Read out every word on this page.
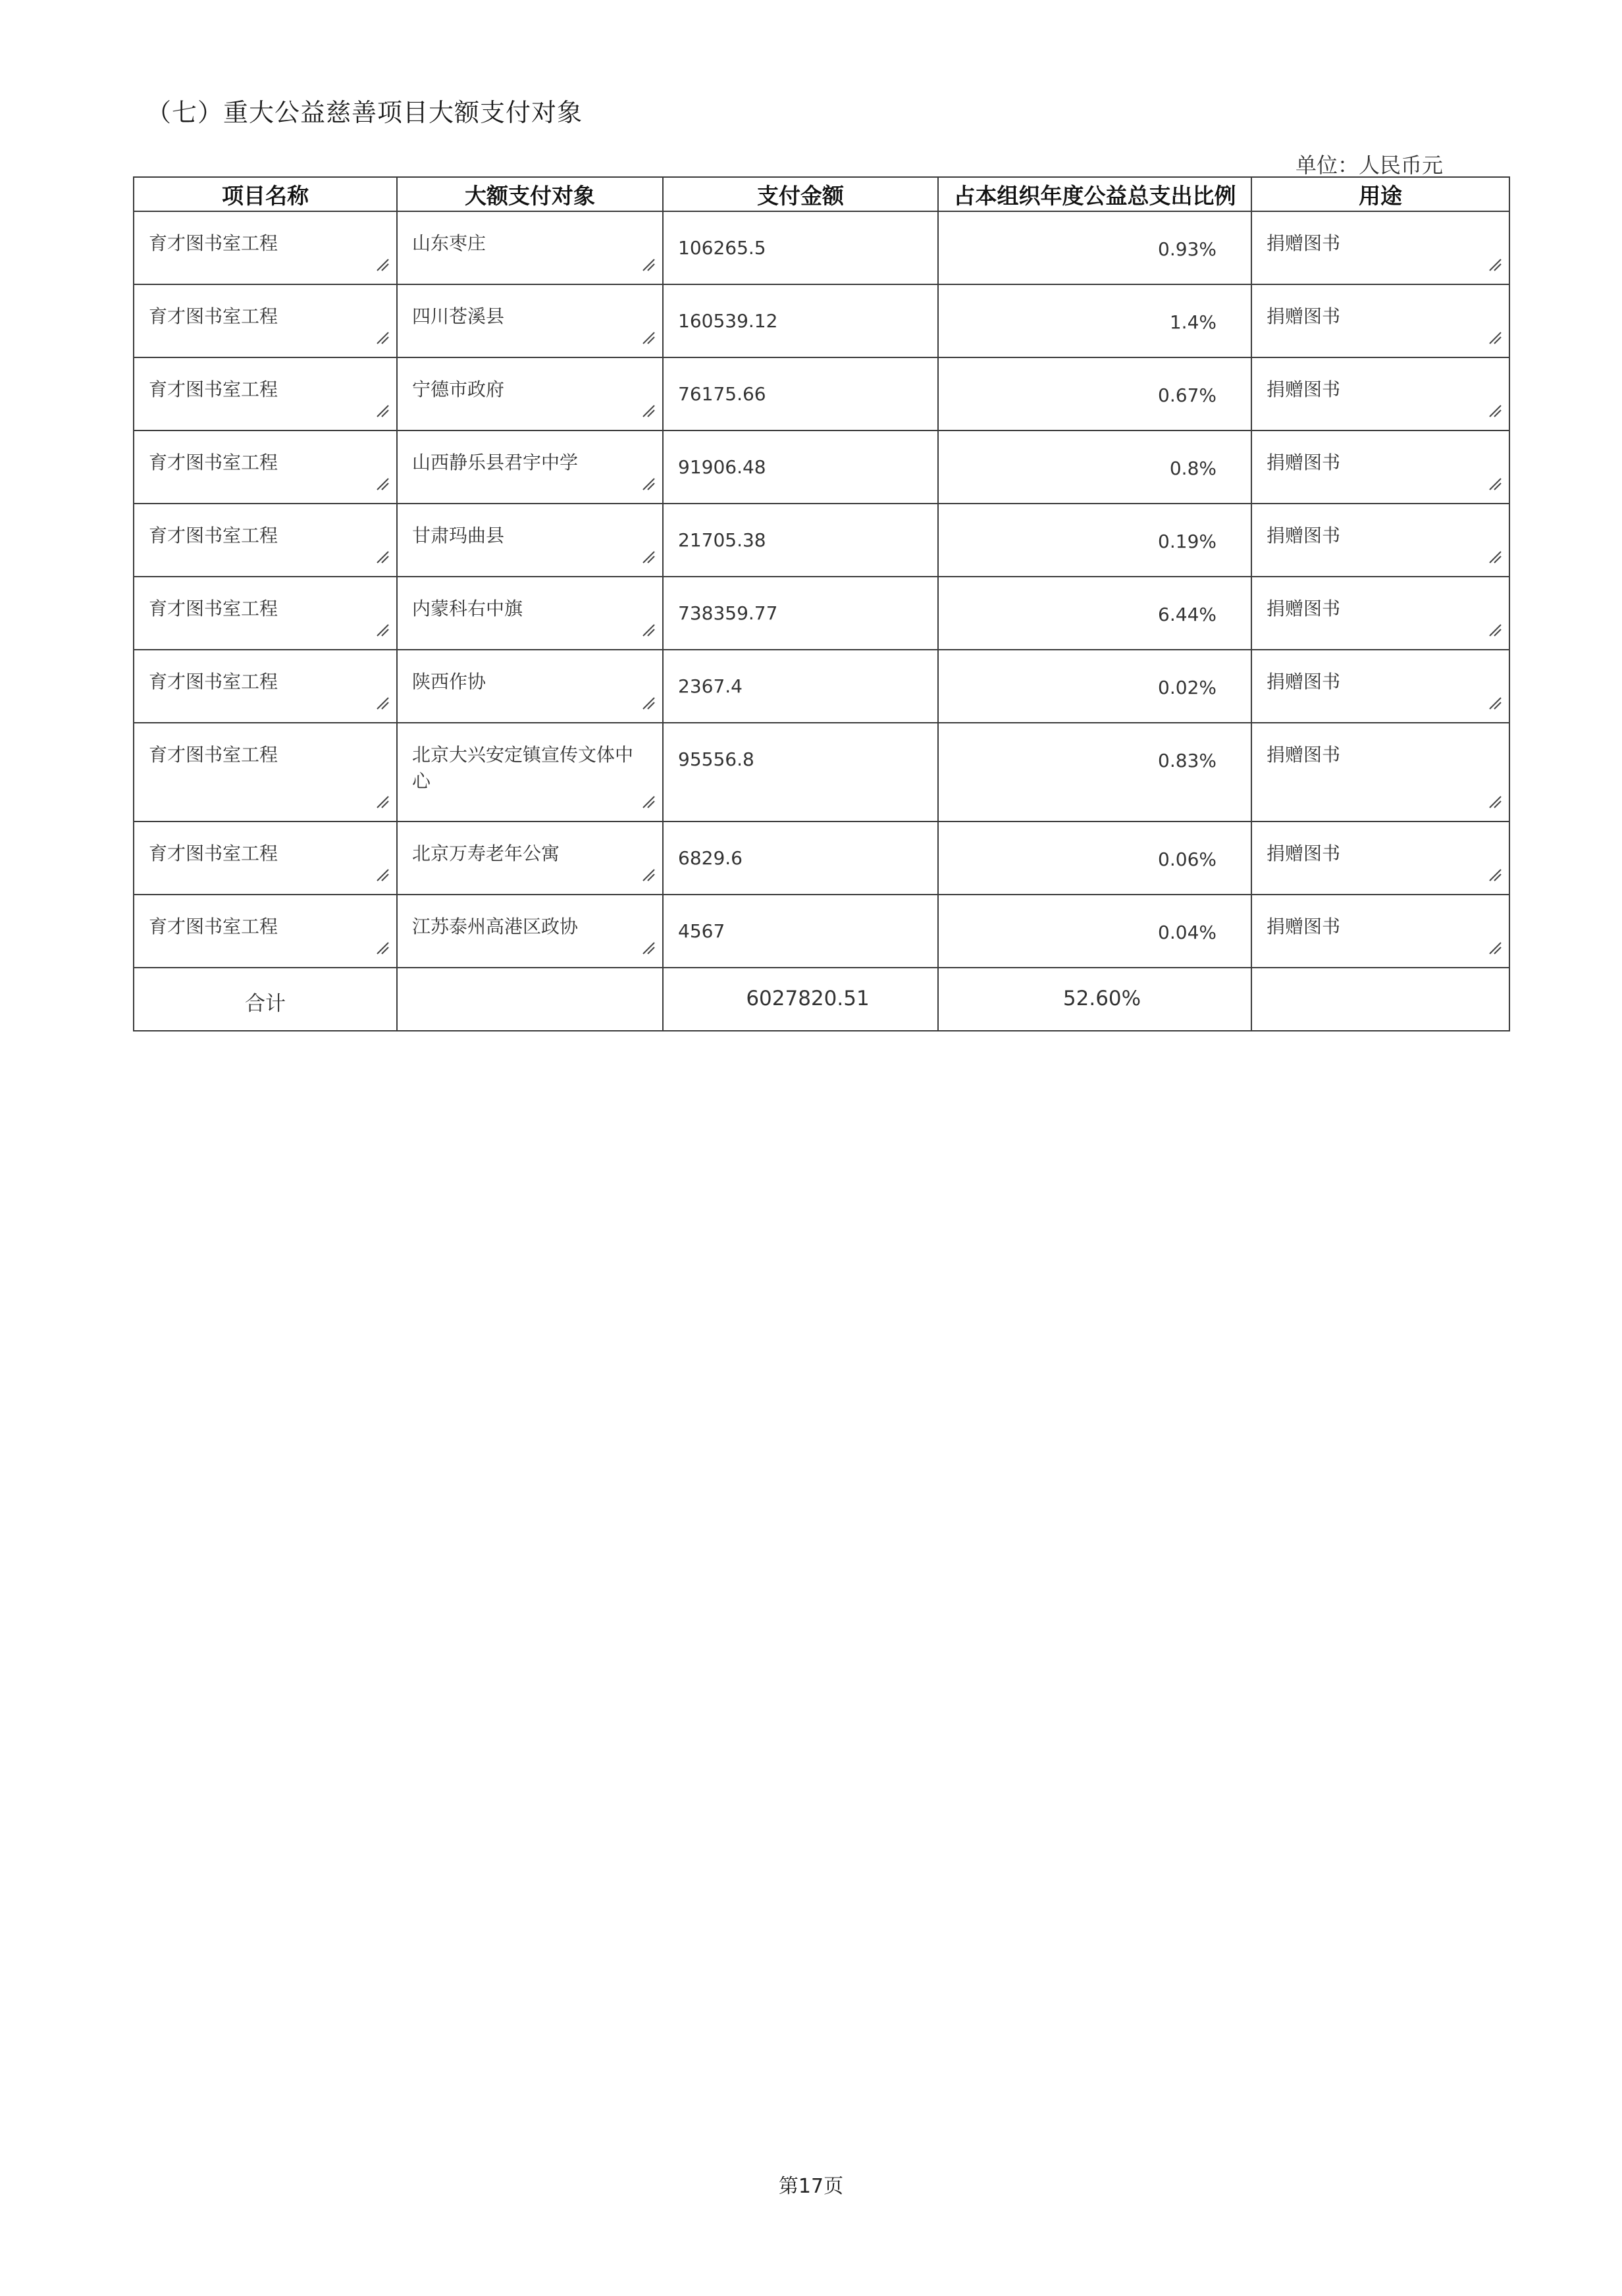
（七）重大公益慈善项目大额支付对象
单位：人民币元
项目名称	大额支付对象	支付金额	占本组织年度公益总支出比例	用途
育才图书室工程	山东枣庄	106265.5	0.93%	捐赠图书

育才图书室工程	四川苍溪县	160539.12	1.4%	捐赠图书

育才图书室工程	宁德市政府	76175.66	0.67%	捐赠图书

育才图书室工程	山西静乐县君宇中学	91906.48	0.8%	捐赠图书

育才图书室工程	甘肃玛曲县	21705.38	0.19%	捐赠图书

育才图书室工程	内蒙科右中旗	738359.77	6.44%	捐赠图书

育才图书室工程	陕西作协	2367.4	0.02%	捐赠图书

育才图书室工程	北京大兴安定镇宣传文体中心	95556.8	0.83%	捐赠图书

育才图书室工程	北京万寿老年公寓	6829.6	0.06%	捐赠图书

育才图书室工程	江苏泰州高港区政协	4567	0.04%	捐赠图书

合计		6027820.51	52.60%	
第17页
